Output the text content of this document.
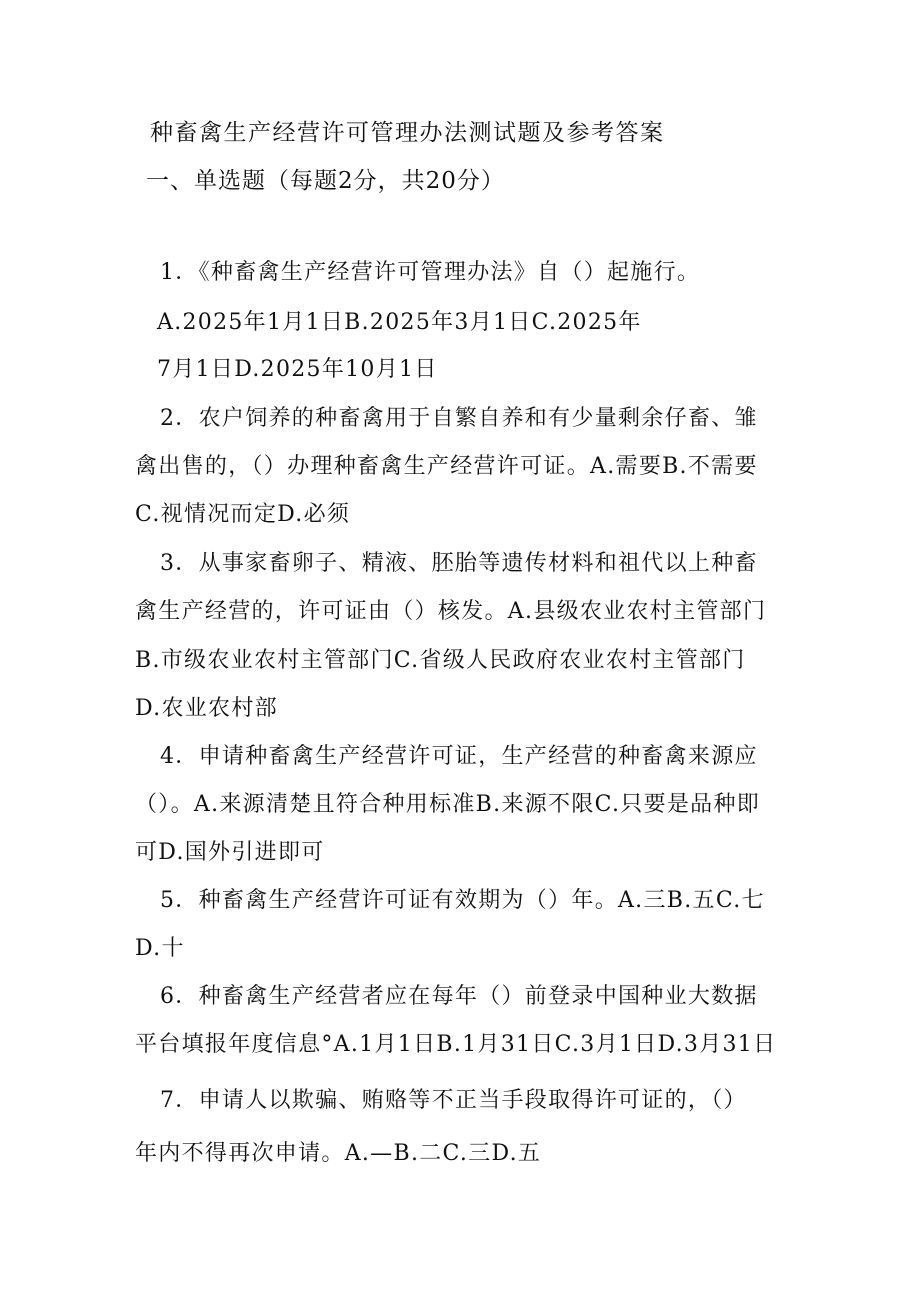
种畜禽生产经营许可管理办法测试题及参考答案
一、单选题（每题2分，共20分）

1．《种畜禽生产经营许可管理办法》自（）起施行。

A.2025年1月1日B.2025年3月1日C.2025年

7月1日D.2025年10月1日

2．农户饲养的种畜禽用于自繁自养和有少量剩余仔畜、雏

禽出售的，（）办理种畜禽生产经营许可证。A.需要B.不需要

C.视情况而定D.必须

3．从事家畜卵子、精液、胚胎等遗传材料和祖代以上种畜

禽生产经营的，许可证由（）核发。A.县级农业农村主管部门

B.市级农业农村主管部门C.省级人民政府农业农村主管部门

D.农业农村部

4．申请种畜禽生产经营许可证，生产经营的种畜禽来源应

（）。A.来源清楚且符合种用标准B.来源不限C.只要是品种即

可D.国外引进即可

5．种畜禽生产经营许可证有效期为（）年。A.三B.五C.七

D.十

6．种畜禽生产经营者应在每年（）前登录中国种业大数据

平台填报年度信息°A.1月1日B.1月31日C.3月1日D.3月31日

7．申请人以欺骗、贿赂等不正当手段取得许可证的，（）

年内不得再次申请。A.—B.二C.三D.五
